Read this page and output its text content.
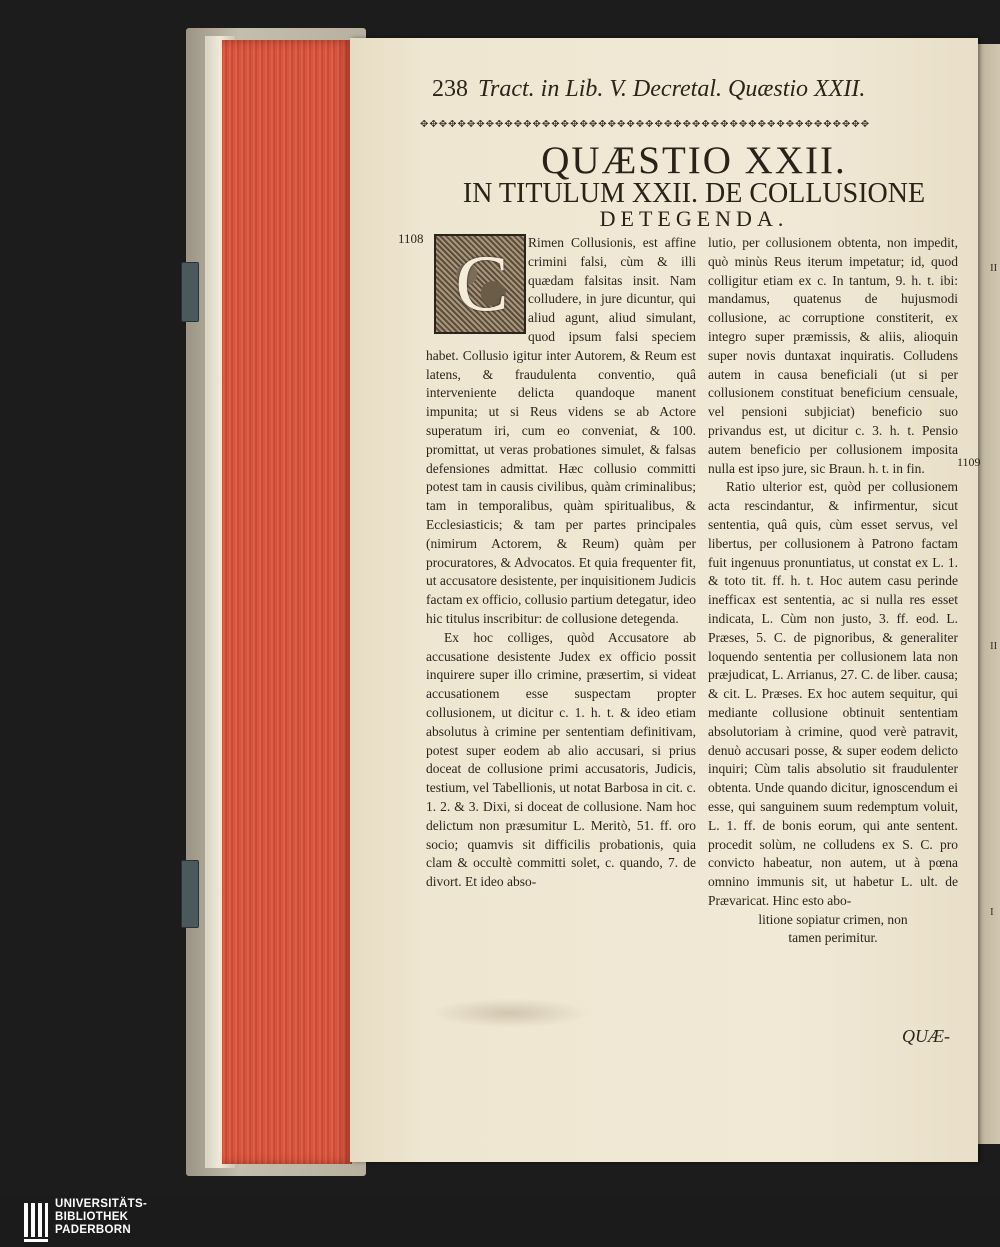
II
II
I
238 Tract. in Lib. V. Decretal. Quæstio XXII.
✥✥✥✥✥✥✥✥✥✥✥✥✥✥✥✥✥✥✥✥✥✥✥✥✥✥✥✥✥✥✥✥✥✥✥✥✥✥✥✥✥✥✥✥✥✥✥✥
QUÆSTIO XXII.
IN TITULUM XXII. DE COLLUSIONE
DETEGENDA.
1108
1109

Rimen Collusionis, est affine crimini falsi, cùm & illi quædam falsitas insit. Nam colludere, in jure dicuntur, qui aliud agunt, aliud simulant, quod ipsum falsi speciem habet. Collusio igitur inter Autorem, & Reum est latens, & fraudulenta conventio, quâ interveniente delicta quandoque manent impunita; ut si Reus videns se ab Actore superatum iri, cum eo conveniat, & 100. promittat, ut veras probationes simulet, & falsas defensiones admittat. Hæc collusio committi potest tam in causis civilibus, quàm criminalibus; tam in temporalibus, quàm spiritualibus, & Ecclesiasticis; & tam per partes principales (nimirum Actorem, & Reum) quàm per procuratores, & Advocatos. Et quia frequenter fit, ut accusatore desistente, per inquisitionem Judicis factam ex officio, collusio partium detegatur, ideo hic titulus inscribitur: de collusione detegenda.

Ex hoc colliges, quòd Accusatore ab accusatione desistente Judex ex officio possit inquirere super illo crimine, præsertim, si videat accusationem esse suspectam propter collusionem, ut dicitur c. 1. h. t. & ideo etiam absolutus à crimine per sententiam definitivam, potest super eodem ab alio accusari, si prius doceat de collusione primi accusatoris, Judicis, testium, vel Tabellionis, ut notat Barbosa in cit. c. 1. 2. & 3. Dixi, si doceat de collusione. Nam hoc delictum non præsumitur L. Meritò, 51. ff. oro socio; quamvis sit difficilis probationis, quia clam & occultè committi solet, c. quando, 7. de divort. Et ideo abso-

C	lutio, per collusionem obtenta, non impedit, quò minùs Reus iterum impetatur; id, quod colligitur etiam ex c. In tantum, 9. h. t. ibi: mandamus, quatenus de hujusmodi collusione, ac corruptione constiterit, ex integro super præmissis, & aliis, alioquin super novis duntaxat inquiratis. Colludens autem in causa beneficiali (ut si per collusionem constituat beneficium censuale, vel pensioni subjiciat) beneficio suo privandus est, ut dicitur c. 3. h. t. Pensio autem beneficio per collusionem imposita nulla est ipso jure, sic Braun. h. t. in fin.

Ratio ulterior est, quòd per collusionem acta rescindantur, & infirmentur, sicut sententia, quâ quis, cùm esset servus, vel libertus, per collusionem à Patrono factam fuit ingenuus pronuntiatus, ut constat ex L. 1. & toto tit. ff. h. t. Hoc autem casu perinde inefficax est sententia, ac si nulla res esset indicata, L. Cùm non justo, 3. ff. eod. L. Præses, 5. C. de pignoribus, & generaliter loquendo sententia per collusionem lata non præjudicat, L. Arrianus, 27. C. de liber. causa; & cit. L. Præses. Ex hoc autem sequitur, qui mediante collusione obtinuit sententiam absolutoriam à crimine, quod verè patravit, denuò accusari posse, & super eodem delicto inquiri; Cùm talis absolutio sit fraudulenter obtenta. Unde quando dicitur, ignoscendum ei esse, qui sanguinem suum redemptum voluit, L. 1. ff. de bonis eorum, qui ante sentent. procedit solùm, ne colludens ex S. C. pro convicto habeatur, non autem, ut à pœna omnino immunis sit, ut habetur L. ult. de Prævaricat. Hinc esto abo-

litione sopiatur crimen, non

tamen perimitur.

QUÆ-
UNIVERSITÄTS-
BIBLIOTHEK
PADERBORN
